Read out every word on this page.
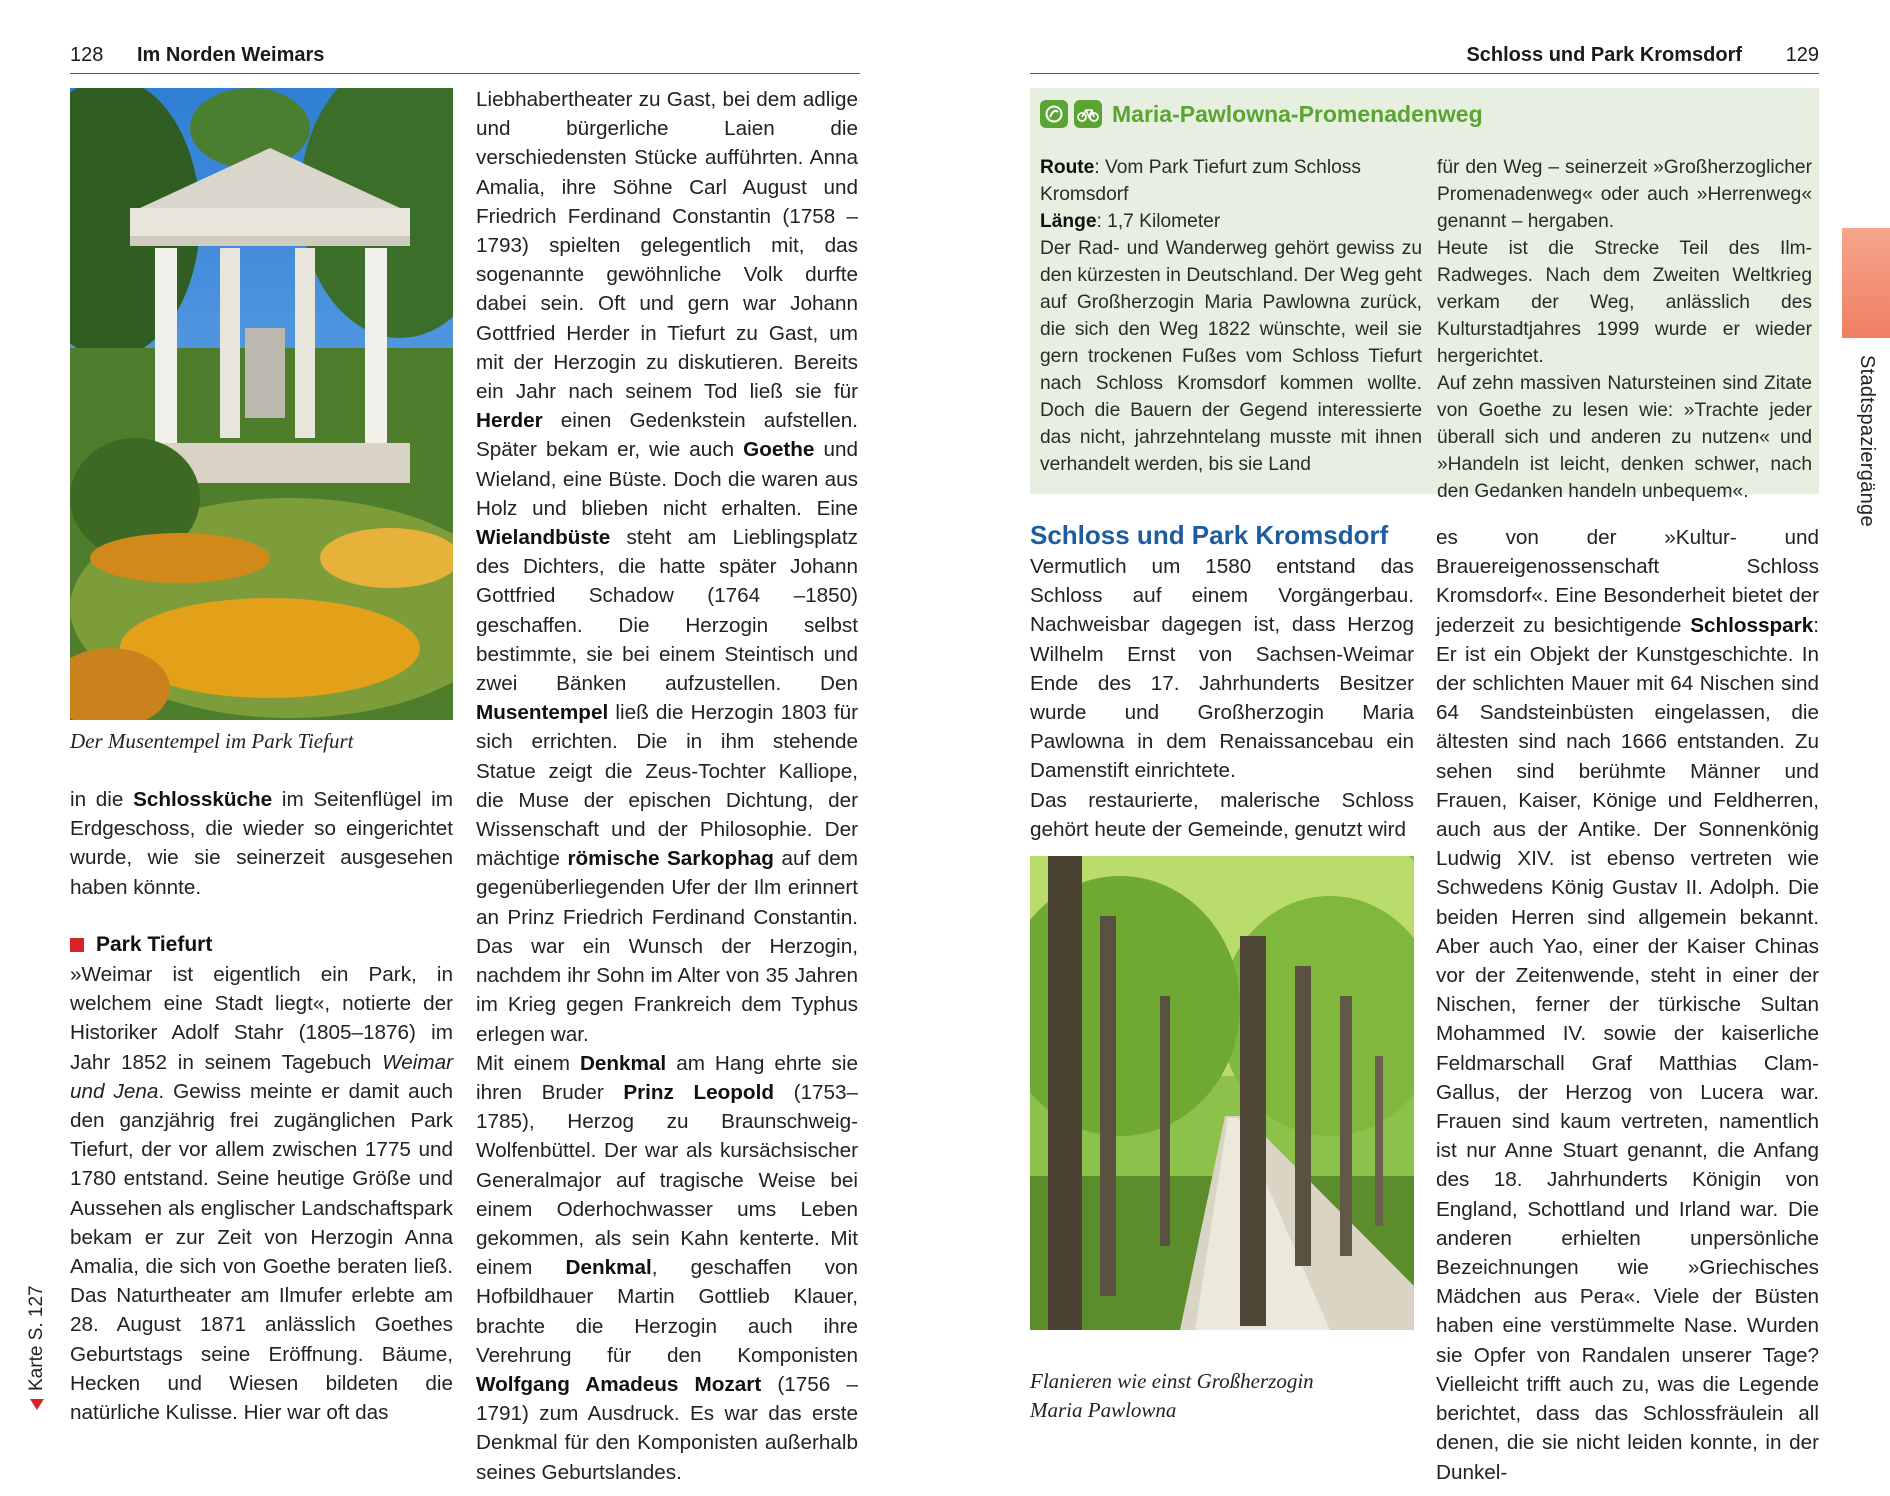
128 Im Norden Weimars
Der Musentempel im Park Tiefurt
in die Schlossküche im Seitenflügel im Erdgeschoss, die wieder so eingerichtet wurde, wie sie seinerzeit ausgesehen haben könnte.
Park Tiefurt
»Weimar ist eigentlich ein Park, in welchem eine Stadt liegt«, notierte der Historiker Adolf Stahr (1805–1876) im Jahr 1852 in seinem Tagebuch Weimar und Jena. Gewiss meinte er damit auch den ganzjährig frei zugänglichen Park Tiefurt, der vor allem zwischen 1775 und 1780 entstand. Seine heutige Größe und Aussehen als englischer Landschaftspark bekam er zur Zeit von Herzogin Anna Amalia, die sich von Goethe beraten ließ. Das Naturtheater am Ilmufer erlebte am 28. August 1871 anlässlich Goethes Geburtstags seine Eröffnung. Bäume, Hecken und Wiesen bildeten die natürliche Kulisse. Hier war oft das
Liebhabertheater zu Gast, bei dem adlige und bürgerliche Laien die verschiedensten Stücke aufführten. Anna Amalia, ihre Söhne Carl August und Friedrich Ferdinand Constantin (1758 –1793) spielten gelegentlich mit, das sogenannte gewöhnliche Volk durfte dabei sein. Oft und gern war Johann Gottfried Herder in Tiefurt zu Gast, um mit der Herzogin zu diskutieren. Bereits ein Jahr nach seinem Tod ließ sie für Herder einen Gedenkstein aufstellen. Später bekam er, wie auch Goethe und Wieland, eine Büste. Doch die waren aus Holz und blieben nicht erhalten. Eine Wielandbüste steht am Lieblingsplatz des Dichters, die hatte später Johann Gottfried Schadow (1764 –1850) geschaffen. Die Herzogin selbst bestimmte, sie bei einem Steintisch und zwei Bänken aufzustellen. Den Musentempel ließ die Herzogin 1803 für sich errichten. Die in ihm stehende Statue zeigt die Zeus-Tochter Kalliope, die Muse der epischen Dichtung, der Wissenschaft und der Philosophie. Der mächtige römische Sarkophag auf dem gegenüberliegenden Ufer der Ilm erinnert an Prinz Friedrich Ferdinand Constantin. Das war ein Wunsch der Herzogin, nachdem ihr Sohn im Alter von 35 Jahren im Krieg gegen Frankreich dem Typhus erlegen war.
Mit einem Denkmal am Hang ehrte sie ihren Bruder Prinz Leopold (1753–1785), Herzog zu Braunschweig-Wolfenbüttel. Der war als kursächsischer Generalmajor auf tragische Weise bei einem Oderhochwasser ums Leben gekommen, als sein Kahn kenterte. Mit einem Denkmal, geschaffen von Hofbildhauer Martin Gottlieb Klauer, brachte die Herzogin auch ihre Verehrung für den Komponisten Wolfgang Amadeus Mozart (1756 –1791) zum Ausdruck. Es war das erste Denkmal für den Komponisten außerhalb seines Geburtslandes.
Karte S. 127
Schloss und Park Kromsdorf 129
Maria-Pawlowna-Promenadenweg
Route: Vom Park Tiefurt zum Schloss Kromsdorf
Länge: 1,7 Kilometer
Der Rad- und Wanderweg gehört gewiss zu den kürzesten in Deutschland. Der Weg geht auf Großherzogin Maria Pawlowna zurück, die sich den Weg 1822 wünschte, weil sie gern trockenen Fußes vom Schloss Tiefurt nach Schloss Kromsdorf kommen wollte. Doch die Bauern der Gegend interessierte das nicht, jahrzehntelang musste mit ihnen verhandelt werden, bis sie Land
für den Weg – seinerzeit »Großherzoglicher Promenadenweg« oder auch »Herrenweg« genannt – hergaben.
Heute ist die Strecke Teil des Ilm-Radweges. Nach dem Zweiten Weltkrieg verkam der Weg, anlässlich des Kulturstadtjahres 1999 wurde er wieder hergerichtet.
Auf zehn massiven Natursteinen sind Zitate von Goethe zu lesen wie: »Trachte jeder überall sich und anderen zu nutzen« und »Handeln ist leicht, denken schwer, nach den Gedanken handeln unbequem«.
Schloss und Park Kromsdorf
Vermutlich um 1580 entstand das Schloss auf einem Vorgängerbau. Nachweisbar dagegen ist, dass Herzog Wilhelm Ernst von Sachsen-Weimar Ende des 17. Jahrhunderts Besitzer wurde und Großherzogin Maria Pawlowna in dem Renaissancebau ein Damenstift einrichtete.
Das restaurierte, malerische Schloss gehört heute der Gemeinde, genutzt wird
Flanieren wie einst Großherzogin
Maria Pawlowna
es von der »Kultur- und Brauereigenossenschaft Schloss Kromsdorf«. Eine Besonderheit bietet der jederzeit zu besichtigende Schlosspark: Er ist ein Objekt der Kunstgeschichte. In der schlichten Mauer mit 64 Nischen sind 64 Sandsteinbüsten eingelassen, die ältesten sind nach 1666 entstanden. Zu sehen sind berühmte Männer und Frauen, Kaiser, Könige und Feldherren, auch aus der Antike. Der Sonnenkönig Ludwig XIV. ist ebenso vertreten wie Schwedens König Gustav II. Adolph. Die beiden Herren sind allgemein bekannt. Aber auch Yao, einer der Kaiser Chinas vor der Zeitenwende, steht in einer der Nischen, ferner der türkische Sultan Mohammed IV. sowie der kaiserliche Feldmarschall Graf Matthias Clam-Gallus, der Herzog von Lucera war. Frauen sind kaum vertreten, namentlich ist nur Anne Stuart genannt, die Anfang des 18. Jahrhunderts Königin von England, Schottland und Irland war. Die anderen erhielten unpersönliche Bezeichnungen wie »Griechisches Mädchen aus Pera«. Viele der Büsten haben eine verstümmelte Nase. Wurden sie Opfer von Randalen unserer Tage? Vielleicht trifft auch zu, was die Legende berichtet, dass das Schlossfräulein all denen, die sie nicht leiden konnte, in der Dunkel-
Stadtspaziergänge
